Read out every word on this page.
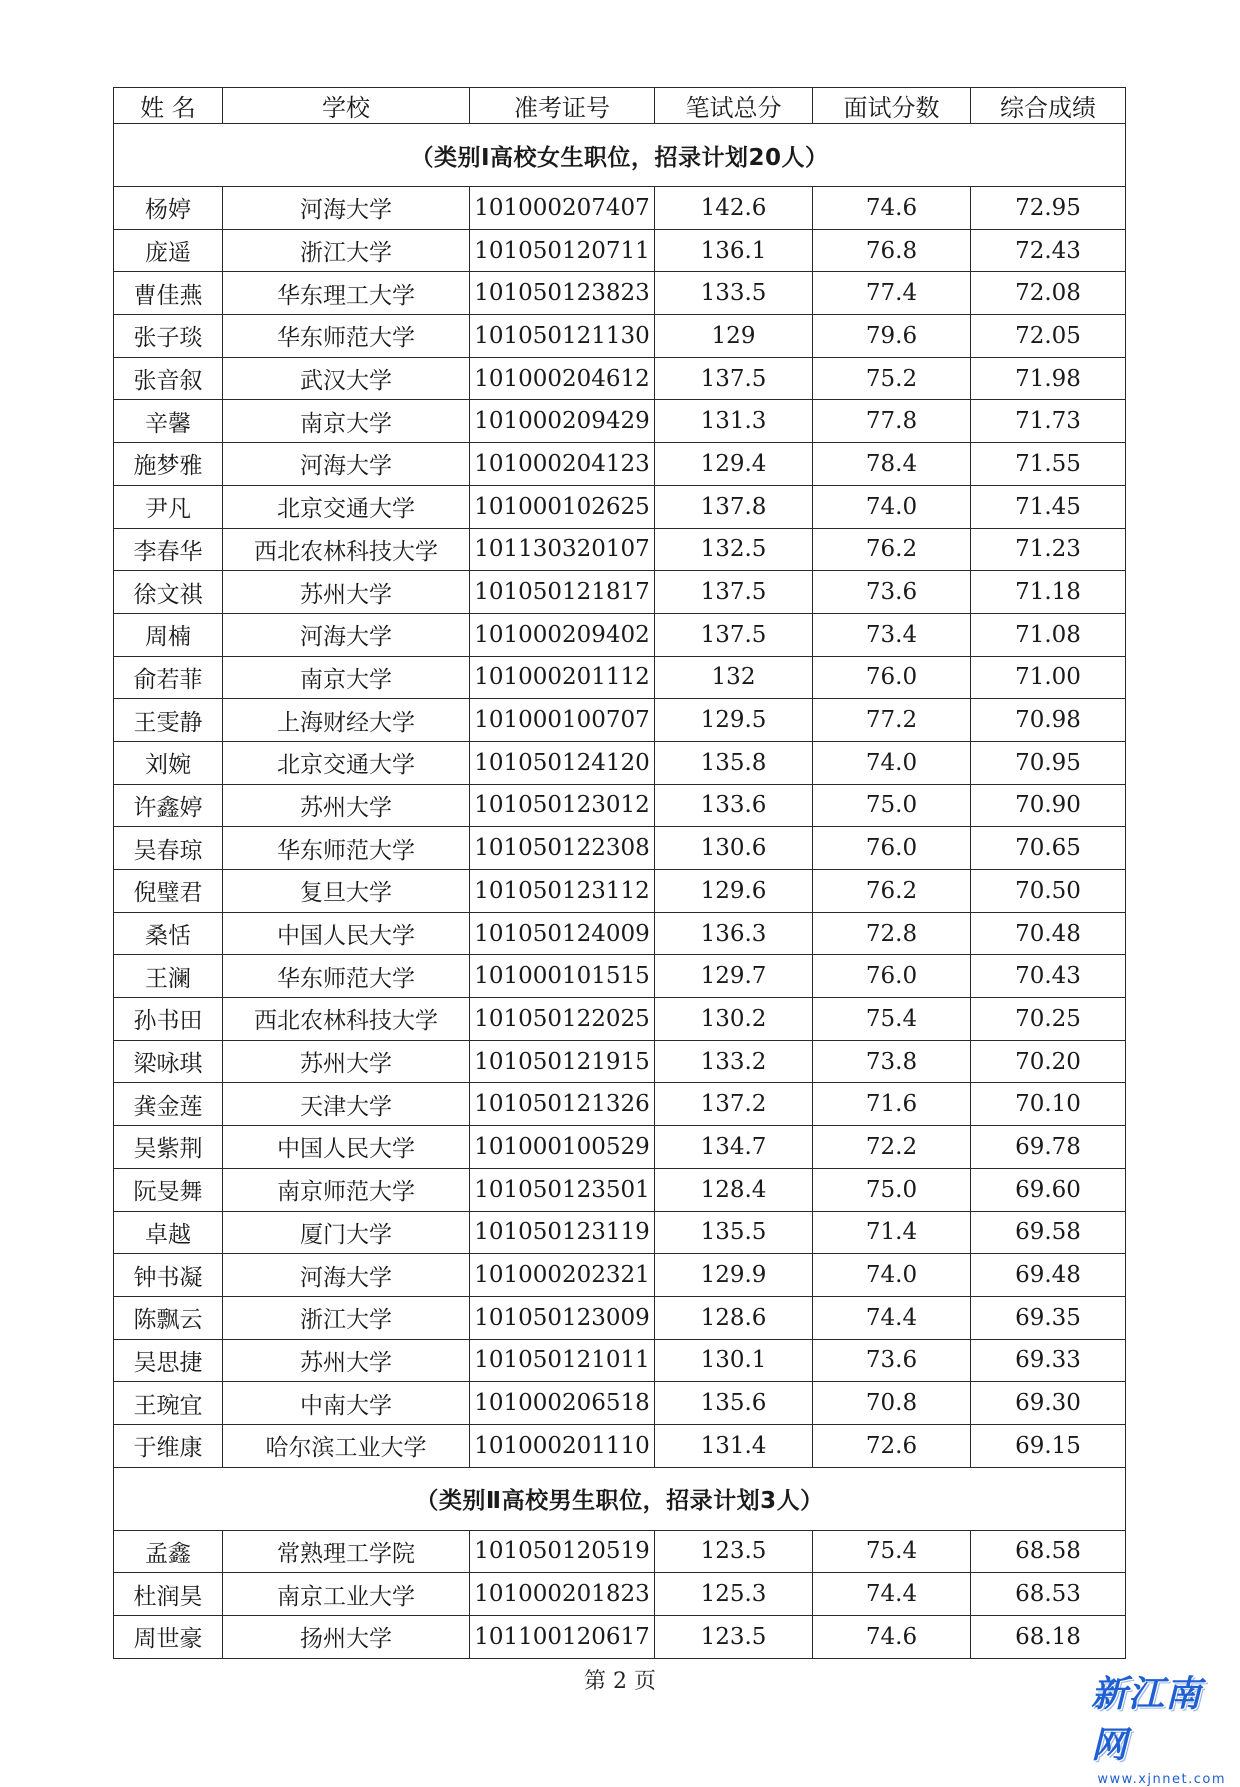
姓 名	学校	准考证号	笔试总分	面试分数	综合成绩
（类别Ⅰ高校女生职位，招录计划20人）					
杨婷	河海大学	101000207407	142.6	74.6	72.95
庞遥	浙江大学	101050120711	136.1	76.8	72.43
曹佳燕	华东理工大学	101050123823	133.5	77.4	72.08
张子琰	华东师范大学	101050121130	129	79.6	72.05
张音叙	武汉大学	101000204612	137.5	75.2	71.98
辛馨	南京大学	101000209429	131.3	77.8	71.73
施梦雅	河海大学	101000204123	129.4	78.4	71.55
尹凡	北京交通大学	101000102625	137.8	74.0	71.45
李春华	西北农林科技大学	101130320107	132.5	76.2	71.23
徐文祺	苏州大学	101050121817	137.5	73.6	71.18
周楠	河海大学	101000209402	137.5	73.4	71.08
俞若菲	南京大学	101000201112	132	76.0	71.00
王雯静	上海财经大学	101000100707	129.5	77.2	70.98
刘婉	北京交通大学	101050124120	135.8	74.0	70.95
许鑫婷	苏州大学	101050123012	133.6	75.0	70.90
吴春琼	华东师范大学	101050122308	130.6	76.0	70.65
倪璧君	复旦大学	101050123112	129.6	76.2	70.50
桑恬	中国人民大学	101050124009	136.3	72.8	70.48
王澜	华东师范大学	101000101515	129.7	76.0	70.43
孙书田	西北农林科技大学	101050122025	130.2	75.4	70.25
梁咏琪	苏州大学	101050121915	133.2	73.8	70.20
龚金莲	天津大学	101050121326	137.2	71.6	70.10
吴紫荆	中国人民大学	101000100529	134.7	72.2	69.78
阮旻舞	南京师范大学	101050123501	128.4	75.0	69.60
卓越	厦门大学	101050123119	135.5	71.4	69.58
钟书凝	河海大学	101000202321	129.9	74.0	69.48
陈飘云	浙江大学	101050123009	128.6	74.4	69.35
吴思捷	苏州大学	101050121011	130.1	73.6	69.33
王琬宜	中南大学	101000206518	135.6	70.8	69.30
于维康	哈尔滨工业大学	101000201110	131.4	72.6	69.15
（类别Ⅱ高校男生职位，招录计划3人）					
孟鑫	常熟理工学院	101050120519	123.5	75.4	68.58
杜润昊	南京工业大学	101000201823	125.3	74.4	68.53
周世豪	扬州大学	101100120617	123.5	74.6	68.18
第 2 页	新江南网
www.xjnnet.com
